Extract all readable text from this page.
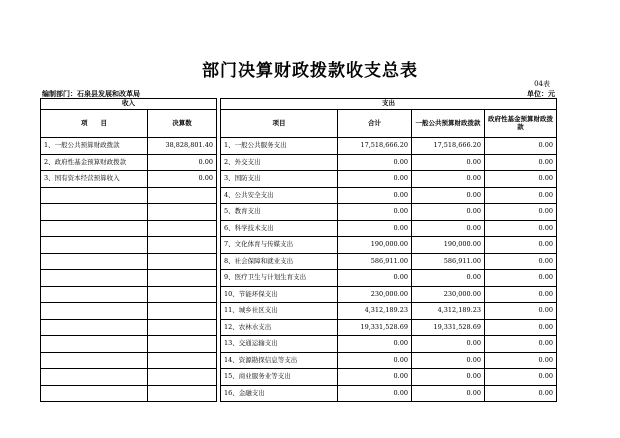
部门决算财政拨款收支总表
04表
编制部门：石泉县发展和改革局	单位：元
收入			支出			
项　　目	决算数		项目	合计	一般公共预算财政拨款	政府性基金预算财政拨款
1、一般公共预算财政拨款	38,828,801.40		1、一般公共服务支出	17,518,666.20	17,518,666.20	0.00
2、政府性基金预算财政拨款	0.00		2、外交支出	0.00	0.00	0.00
3、国有资本经营预算收入	0.00		3、国防支出	0.00	0.00	0.00
			4、公共安全支出	0.00	0.00	0.00
			5、教育支出	0.00	0.00	0.00
			6、科学技术支出	0.00	0.00	0.00
			7、文化体育与传媒支出	190,000.00	190,000.00	0.00
			8、社会保障和就业支出	586,911.00	586,911.00	0.00
			9、医疗卫生与计划生育支出	0.00	0.00	0.00
			10、节能环保支出	230,000.00	230,000.00	0.00
			11、城乡社区支出	4,312,189.23	4,312,189.23	0.00
			12、农林水支出	19,331,528.69	19,331,528.69	0.00
			13、交通运输支出	0.00	0.00	0.00
			14、资源勘探信息等支出	0.00	0.00	0.00
			15、商业服务业等支出	0.00	0.00	0.00
			16、金融支出	0.00	0.00	0.00
